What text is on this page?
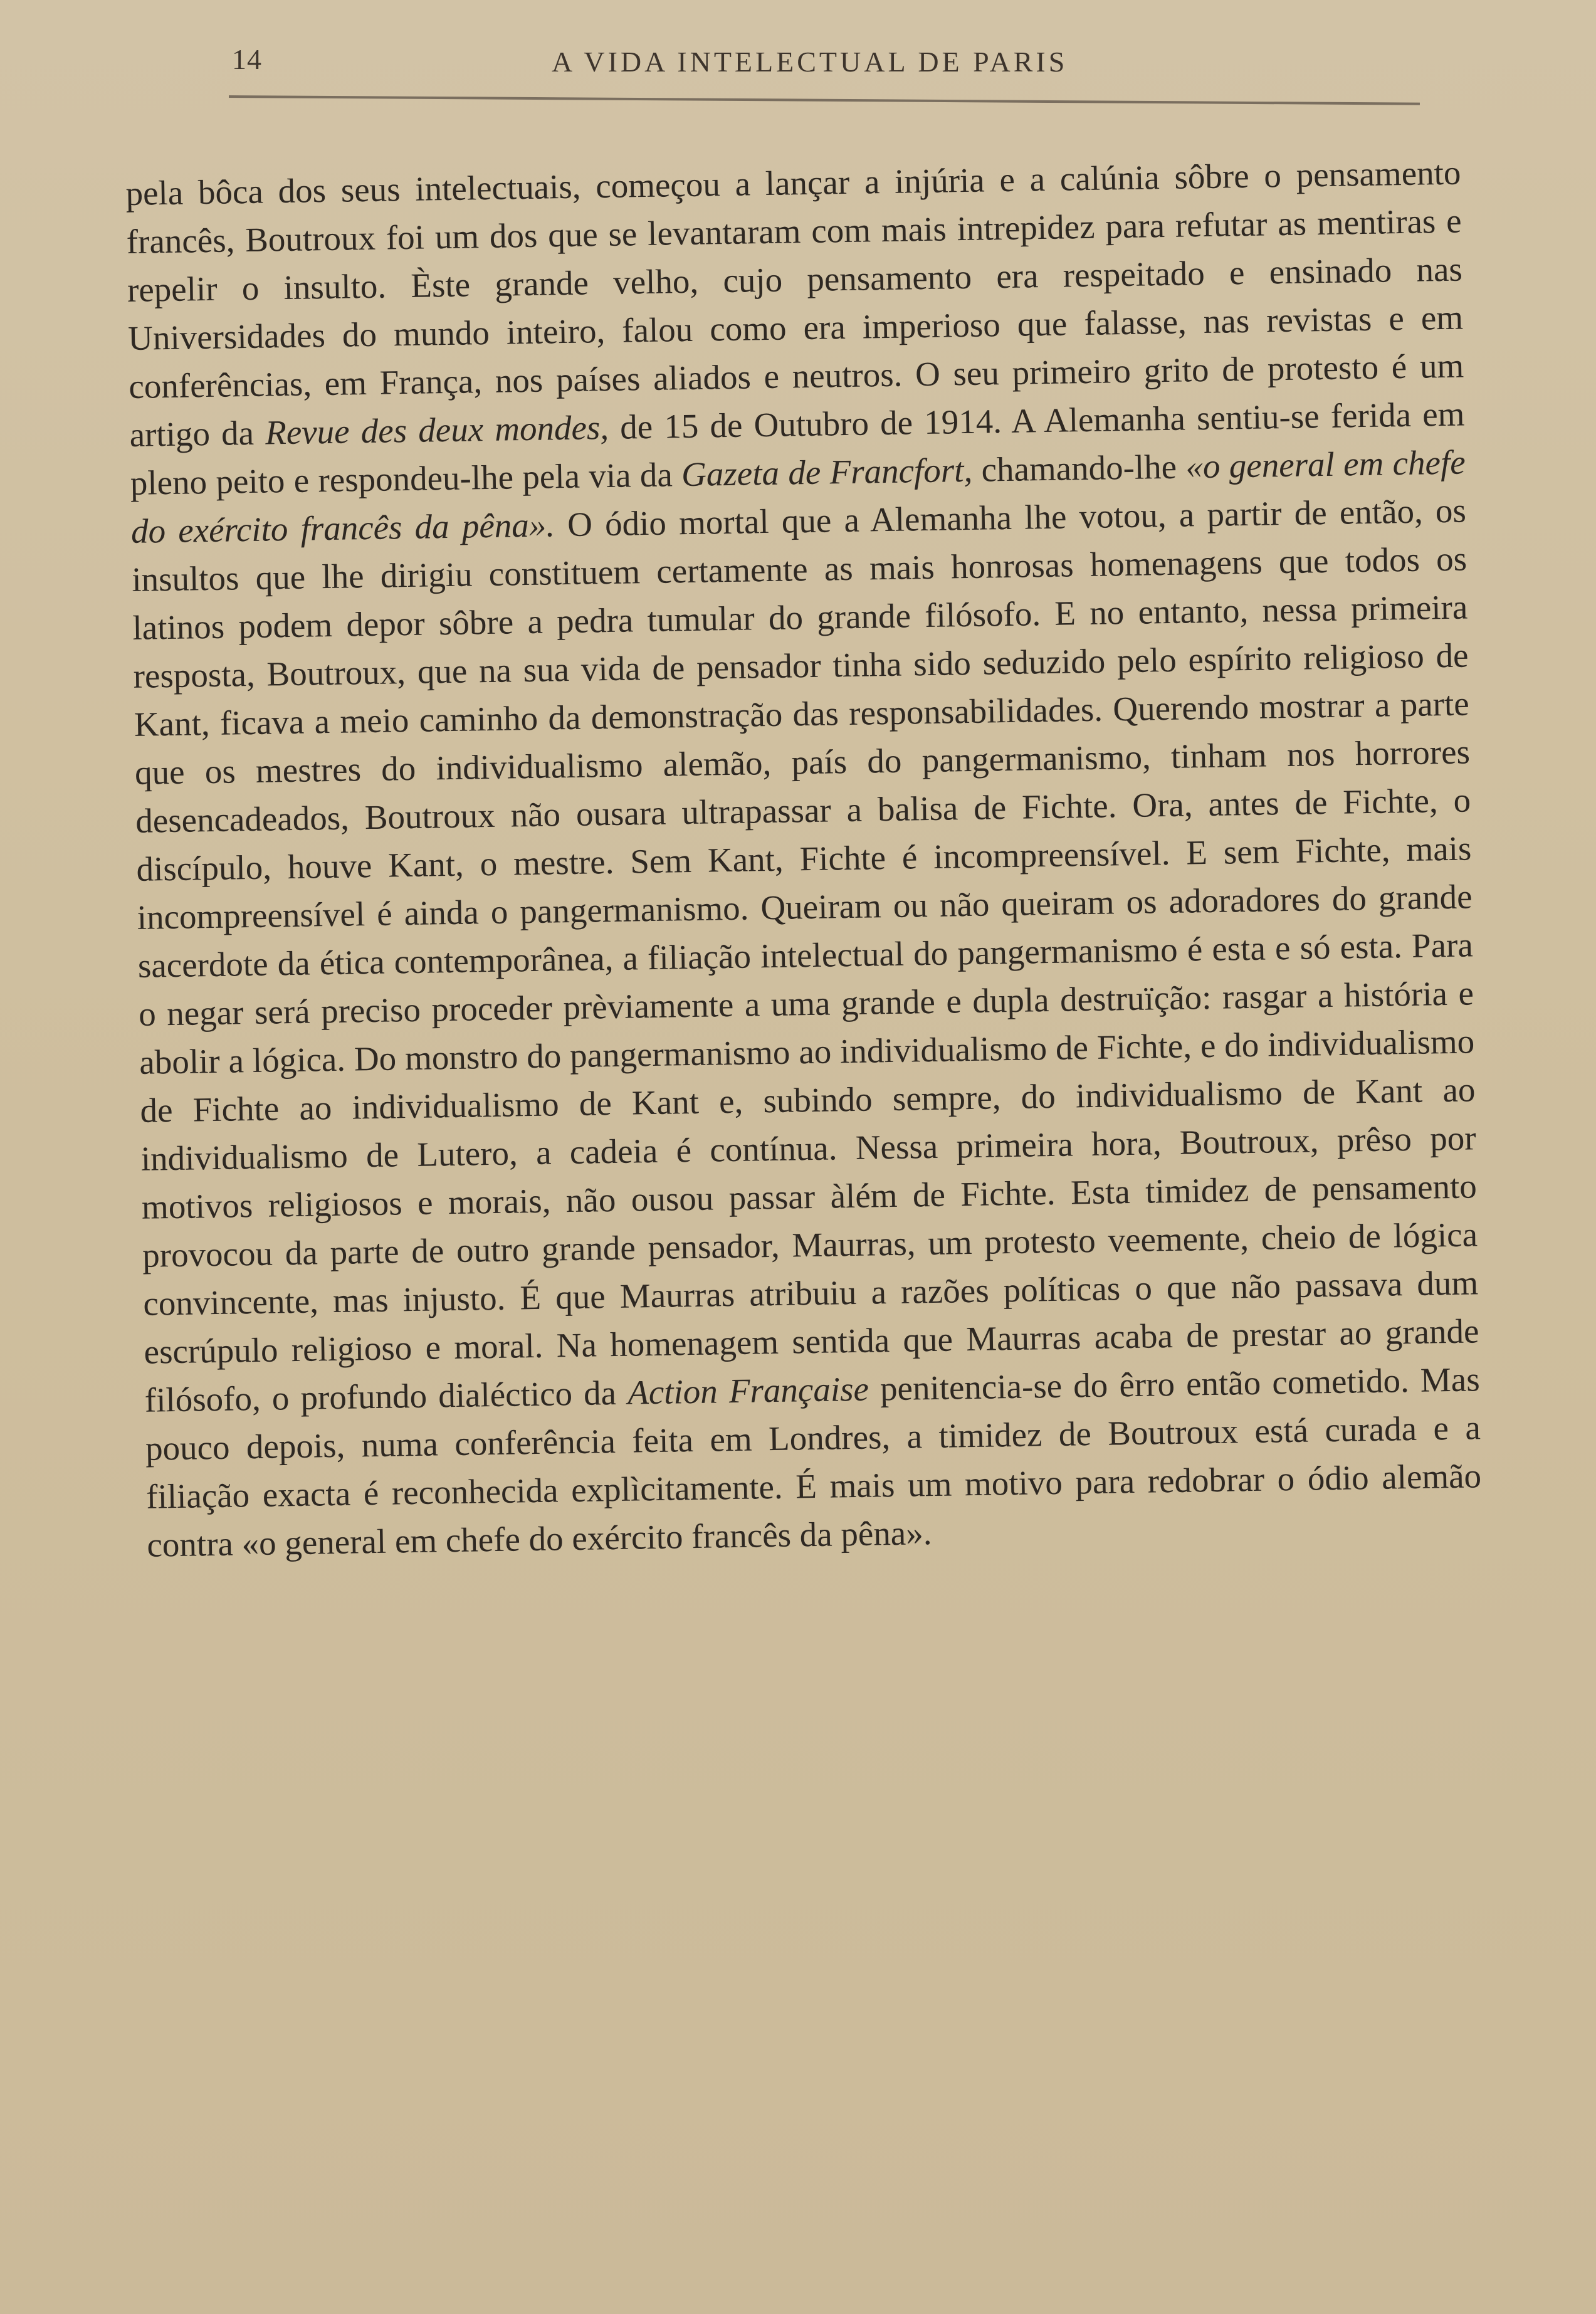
14	A VIDA INTELECTUAL DE PARIS

pela bôca dos seus intelectuais, começou a lançar a injúria e a calúnia sôbre o pensamento francês, Boutroux foi um dos que se levantaram com mais intrepidez para refutar as mentiras e repelir o insulto. Èste grande velho, cujo pensamento era respeitado e ensinado nas Universidades do mundo inteiro, falou como era imperioso que falasse, nas revistas e em conferências, em França, nos países aliados e neutros. O seu primeiro grito de protesto é um artigo da Revue des deux mondes, de 15 de Outubro de 1914. A Alemanha sentiu-se ferida em pleno peito e respondeu-lhe pela via da Gazeta de Francfort, chamando-lhe «o general em chefe do exército francês da pêna». O ódio mortal que a Alemanha lhe votou, a partir de então, os insultos que lhe dirigiu constituem certamente as mais honrosas homenagens que todos os latinos podem depor sôbre a pedra tumular do grande filósofo. E no entanto, nessa primeira resposta, Boutroux, que na sua vida de pensador tinha sido seduzido pelo espírito religioso de Kant, ficava a meio caminho da demonstração das responsabilidades. Querendo mostrar a parte que os mestres do individualismo alemão, país do pangermanismo, tinham nos horrores desencadeados, Boutroux não ousara ultrapassar a balisa de Fichte. Ora, antes de Fichte, o discípulo, houve Kant, o mestre. Sem Kant, Fichte é incompreensível. E sem Fichte, mais incompreensível é ainda o pangermanismo. Queiram ou não queiram os adoradores do grande sacerdote da ética contemporânea, a filiação intelectual do pangermanismo é esta e só esta. Para o negar será preciso proceder prèviamente a uma grande e dupla destruïção: rasgar a história e abolir a lógica. Do monstro do pangermanismo ao individualismo de Fichte, e do individualismo de Fichte ao individualismo de Kant e, subindo sempre, do individualismo de Kant ao individualismo de Lutero, a cadeia é contínua. Nessa primeira hora, Boutroux, prêso por motivos religiosos e morais, não ousou passar àlém de Fichte. Esta timidez de pensamento provocou da parte de outro grande pensador, Maurras, um protesto veemente, cheio de lógica convincente, mas injusto. É que Maurras atribuiu a razões políticas o que não passava dum escrúpulo religioso e moral. Na homenagem sentida que Maurras acaba de prestar ao grande filósofo, o profundo dialéctico da Action Française penitencia-se do êrro então cometido. Mas pouco depois, numa conferência feita em Londres, a timidez de Boutroux está curada e a filiação exacta é reconhecida explìcitamente. É mais um motivo para redobrar o ódio alemão contra «o general em chefe do exército francês da pêna».
